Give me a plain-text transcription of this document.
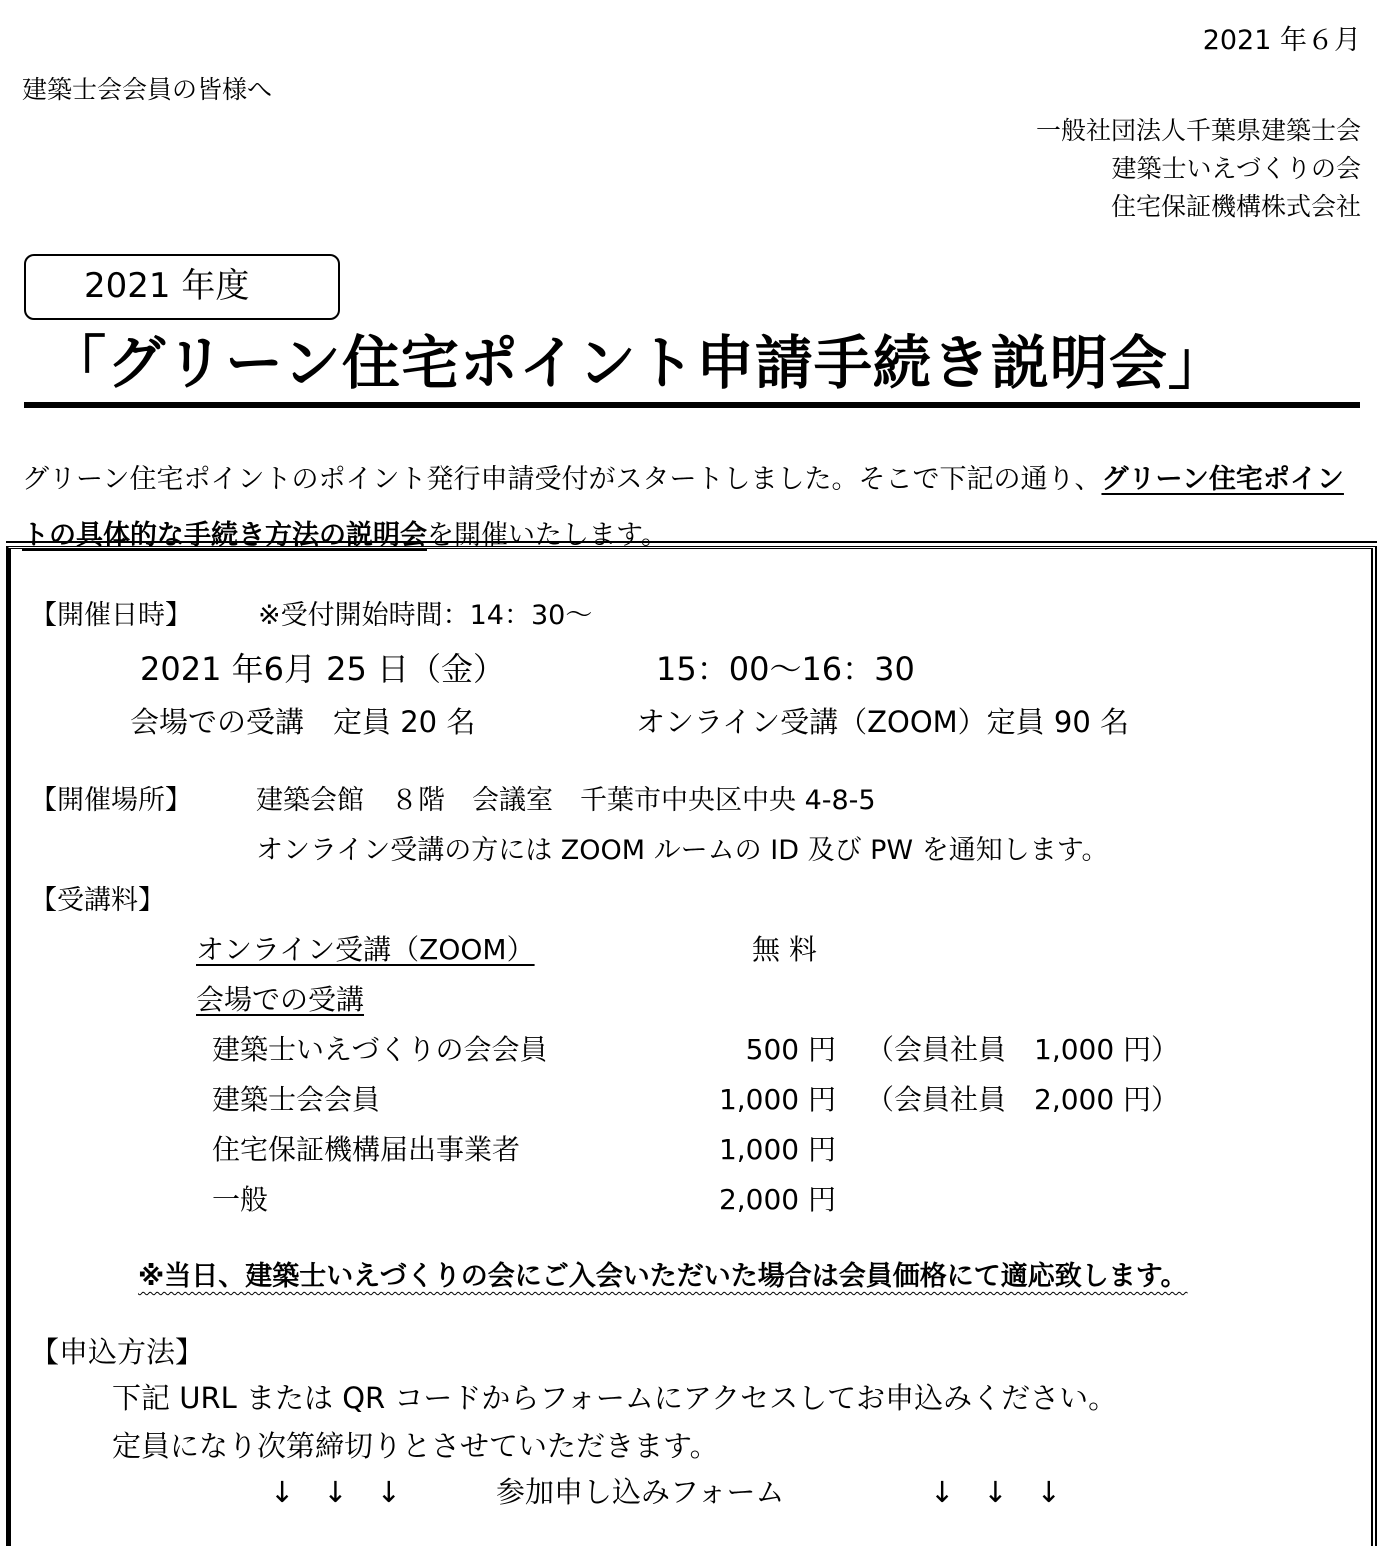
2021 年６月
建築士会会員の皆様へ
一般社団法人千葉県建築士会
建築士いえづくりの会
住宅保証機構株式会社
2021 年度
「グリーン住宅ポイント申請手続き説明会」
グリーン住宅ポイントのポイント発行申請受付がスタートしました。そこで下記の通り、グリーン住宅ポイントの具体的な手続き方法の説明会を開催いたします。
【開催日時】 ※受付開始時間：14：30～
2021 年6月 25 日（金）	15：00～16：30
会場での受講　定員 20 名	オンライン受講（ZOOM）定員 90 名
【開催場所】 建築会館　８階　会議室　千葉市中央区中央 4-8-5
オンライン受講の方には ZOOM ルームの ID 及び PW を通知します。
【受講料】
オンライン受講（ZOOM）	無 料
会場での受講
建築士いえづくりの会会員	500 円 （会員社員　1,000 円）
建築士会会員	1,000 円 （会員社員　2,000 円）
住宅保証機構届出事業者	1,000 円
一般	2,000 円
※当日、建築士いえづくりの会にご入会いただいた場合は会員価格にて適応致します。
【申込方法】
下記 URL または QR コードからフォームにアクセスしてお申込みください。
定員になり次第締切りとさせていただきます。
↓　↓　↓	参加申し込みフォーム	↓　↓　↓
